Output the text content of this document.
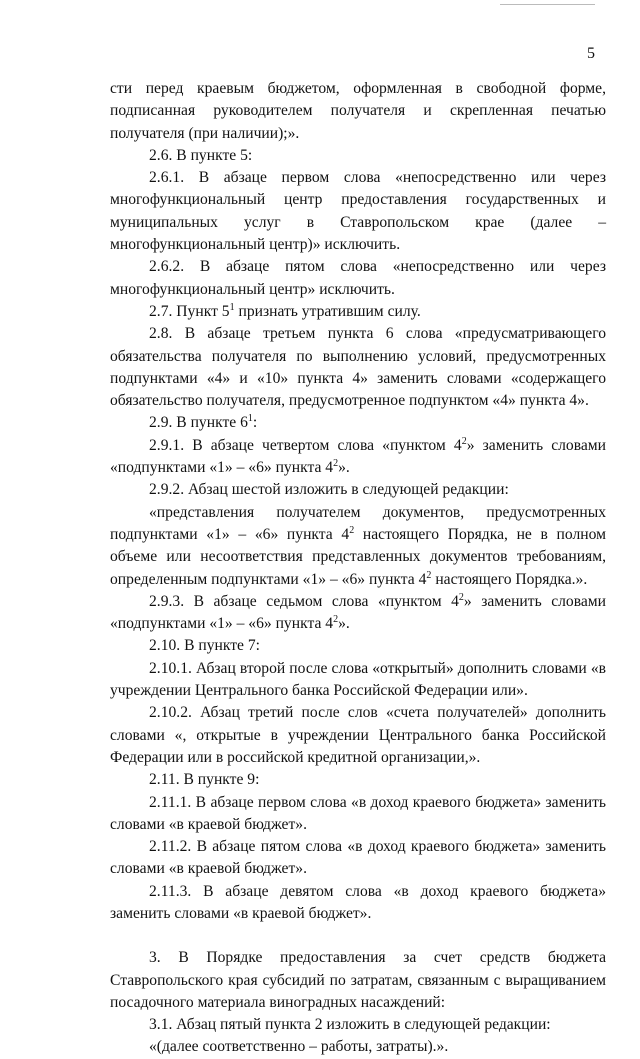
5

сти перед краевым бюджетом, оформленная в свободной форме, подписанная руководителем получателя и скрепленная печатью получателя (при наличии);».

2.6. В пункте 5:

2.6.1. В абзаце первом слова «непосредственно или через многофункциональный центр предоставления государственных и муниципальных услуг в Ставропольском крае (далее – многофункциональный центр)» исключить.

2.6.2. В абзаце пятом слова «непосредственно или через многофункциональный центр» исключить.

2.7. Пункт $5^1$ признать утратившим силу.

2.8. В абзаце третьем пункта 6 слова «предусматривающего обязательства получателя по выполнению условий, предусмотренных подпунктами «4» и «10» пункта 4» заменить словами «содержащего обязательство получателя, предусмотренное подпунктом «4» пункта 4».

2.9. В пункте $6^1$:

2.9.1. В абзаце четвертом слова «пунктом $4^2$» заменить словами «подпунктами «1» – «6» пункта $4^2$».

2.9.2. Абзац шестой изложить в следующей редакции:

«представления получателем документов, предусмотренных подпунктами «1» – «6» пункта $4^2$ настоящего Порядка, не в полном объеме или несоответствия представленных документов требованиям, определенным подпунктами «1» – «6» пункта $4^2$ настоящего Порядка.».

2.9.3. В абзаце седьмом слова «пунктом $4^2$» заменить словами «подпунктами «1» – «6» пункта $4^2$».

2.10. В пункте 7:

2.10.1. Абзац второй после слова «открытый» дополнить словами «в учреждении Центрального банка Российской Федерации или».

2.10.2. Абзац третий после слов «счета получателей» дополнить словами «, открытые в учреждении Центрального банка Российской Федерации или в российской кредитной организации,».

2.11. В пункте 9:

2.11.1. В абзаце первом слова «в доход краевого бюджета» заменить словами «в краевой бюджет».

2.11.2. В абзаце пятом слова «в доход краевого бюджета» заменить словами «в краевой бюджет».

2.11.3. В абзаце девятом слова «в доход краевого бюджета» заменить словами «в краевой бюджет».

3. В Порядке предоставления за счет средств бюджета Ставропольского края субсидий по затратам, связанным с выращиванием посадочного материала виноградных насаждений:

3.1. Абзац пятый пункта 2 изложить в следующей редакции:

«(далее соответственно – работы, затраты).».
